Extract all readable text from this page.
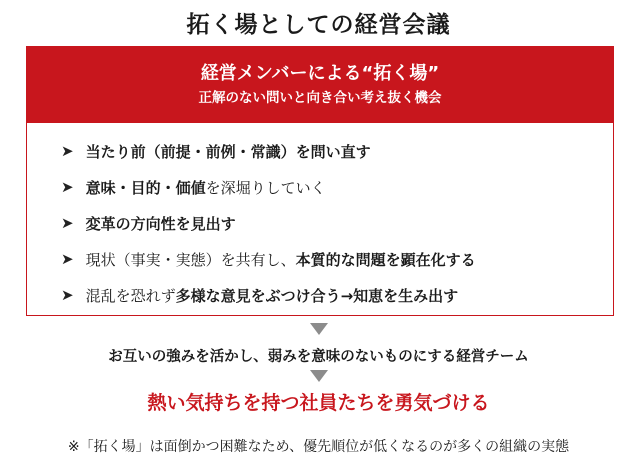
拓く場としての経営会議
経営メンバーによる“拓く場”
正解のない問いと向き合い考え抜く機会
➤ 当たり前（前提・前例・常識）を問い直す
➤ 意味・目的・価値 を深堀りしていく
➤ 変革の方向性を見出す
➤ 現状（事実・実態）を共有し、 本質的な問題を顕在化する
➤ 混乱を恐れず 多様な意見をぶつけ合う→知恵を生み出す
お互いの強みを活かし、弱みを意味のないものにする経営チーム
熱い気持ちを持つ社員たちを勇気づける
※「拓く場」は面倒かつ困難なため、優先順位が低くなるのが多くの組織の実態
